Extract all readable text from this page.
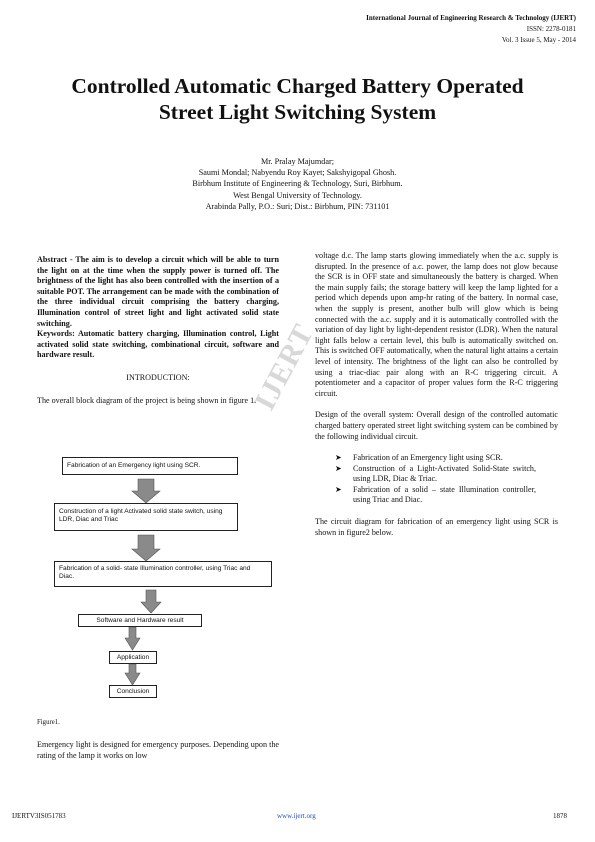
International Journal of Engineering Research & Technology (IJERT)
ISSN: 2278-0181
Vol. 3 Issue 5, May - 2014
Controlled Automatic Charged Battery Operated
Street Light Switching System
Mr. Pralay Majumdar;
Saumi Mondal; Nabyendu Roy Kayet; Sakshyigopal Ghosh.
Birbhum Institute of Engineering & Technology, Suri, Birbhum.
West Bengal University of Technology.
Arabinda Pally, P.O.: Suri; Dist.: Birbhum, PIN: 731101
IJERT

Abstract - The aim is to develop a circuit which will be able to turn the light on at the time when the supply power is turned off. The brightness of the light has also been controlled with the insertion of a suitable POT. The arrangement can be made with the combination of the three individual circuit comprising the battery charging, Illumination control of street light and light activated solid state switching.

Keywords: Automatic battery charging, Illumination control, Light activated solid state switching, combinational circuit, software and hardware result.

INTRODUCTION:

The overall block diagram of the project is being shown in figure 1.

Fabrication of an Emergency light using SCR.
Construction of a light Activated solid state switch, using LDR, Diac and Triac
Fabrication of a solid- state Illumination controller, using Triac and Diac.
Software and Hardware result
Application
Conclusion
Figure1.
Emergency light is designed for emergency purposes. Depending upon the rating of the lamp it works on low

voltage d.c. The lamp starts glowing immediately when the a.c. supply is disrupted. In the presence of a.c. power, the lamp does not glow because the SCR is in OFF state and simultaneously the battery is charged. When the main supply fails; the storage battery will keep the lamp lighted for a period which depends upon amp-hr rating of the battery. In normal case, when the supply is present, another bulb will glow which is being connected with the a.c. supply and it is automatically controlled with the variation of day light by light-dependent resistor (LDR). When the natural light falls below a certain level, this bulb is automatically switched on. This is switched OFF automatically, when the natural light attains a certain level of intensity. The brightness of the light can also be controlled by using a triac-diac pair along with an R-C triggering circuit. A potentiometer and a capacitor of proper values form the R-C triggering circuit.

Design of the overall system: Overall design of the controlled automatic charged battery operated street light switching system can be combined by the following individual circuit.

➤ Fabrication of an Emergency light using SCR.
➤ Construction of a Light-Activated Solid-State switch, using LDR, Diac & Triac.
➤ Fabrication of a solid – state Illumination controller, using Triac and Diac.

The circuit diagram for fabrication of an emergency light using SCR is shown in figure2 below.

IJERTV3IS051783	www.ijert.org	1878
